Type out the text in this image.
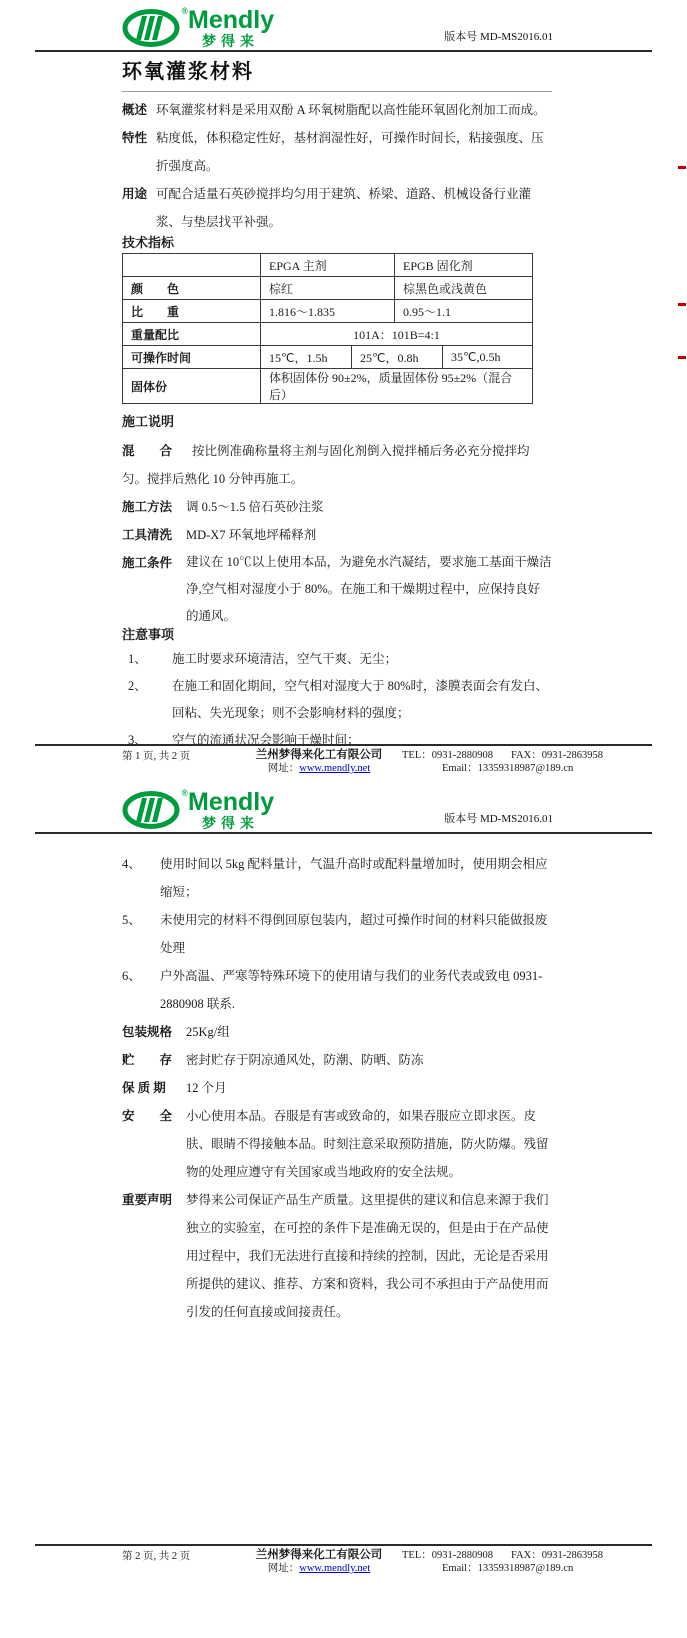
® Mendly
梦得来	版本号 MD-MS2016.01
环氧灌浆材料
概述 环氧灌浆材料是采用双酚 A 环氧树脂配以高性能环氧固化剂加工而成。
特性 粘度低，体积稳定性好，基材润湿性好，可操作时间长，粘接强度、压折强度高。
用途 可配合适量石英砂搅拌均匀用于建筑、桥梁、道路、机械设备行业灌浆、与垫层找平补强。

技术指标

	EPGA 主剂		EPGB 固化剂	
颜　　色	棕红		棕黑色或浅黄色	
比　　重	1.816～1.835		0.95～1.1	
重量配比	101A：101B=4:1			
可操作时间	15℃，1.5h	25℃，0.8h		35℃,0.5h
固体份	体积固体份 90±2%，质量固体份 95±2%（混合后）			

施工说明

混　　合 按比例准确称量将主剂与固化剂倒入搅拌桶后务必充分搅拌均匀。搅拌后熟化 10 分钟再施工。

施工方法	调 0.5～1.5 倍石英砂注浆
工具清洗	MD-X7 环氧地坪稀释剂
施工条件	建议在 10℃以上使用本品，为避免水汽凝结，要求施工基面干燥洁净,空气相对湿度小于 80%。在施工和干燥期过程中，应保持良好的通风。

注意事项

1、	施工时要求环境清洁，空气干爽、无尘；
2、	在施工和固化期间，空气相对湿度大于 80%时，漆膜表面会有发白、回粘、失光现象；则不会影响材料的强度；
3、	空气的流通状况会影响干燥时间；
第 1 页, 共 2 页	兰州梦得来化工有限公司
网址：www.mendly.net
TEL：0931-2880908 FAX：0931-2863958
Email：13359318987@189.cn
® Mendly
梦得来	版本号 MD-MS2016.01
4、	使用时间以 5kg 配料量计，气温升高时或配料量增加时，使用期会相应缩短；
5、	未使用完的材料不得倒回原包装内，超过可操作时间的材料只能做报废处理
6、	户外高温、严寒等特殊环境下的使用请与我们的业务代表或致电 0931-2880908 联系.
包装规格	25Kg/组
贮　　存	密封贮存于阴凉通风处，防潮、防晒、防冻
保 质 期	12 个月
安　　全	小心使用本品。吞服是有害或致命的，如果吞服应立即求医。皮肤、眼睛不得接触本品。时刻注意采取预防措施，防火防爆。残留物的处理应遵守有关国家或当地政府的安全法规。
重要声明	梦得来公司保证产品生产质量。这里提供的建议和信息来源于我们独立的实验室，在可控的条件下是准确无误的，但是由于在产品使用过程中，我们无法进行直接和持续的控制，因此，无论是否采用所提供的建议、推荐、方案和资料，我公司不承担由于产品使用而引发的任何直接或间接责任。
第 2 页, 共 2 页	兰州梦得来化工有限公司
网址：www.mendly.net
TEL：0931-2880908 FAX：0931-2863958
Email：13359318987@189.cn
